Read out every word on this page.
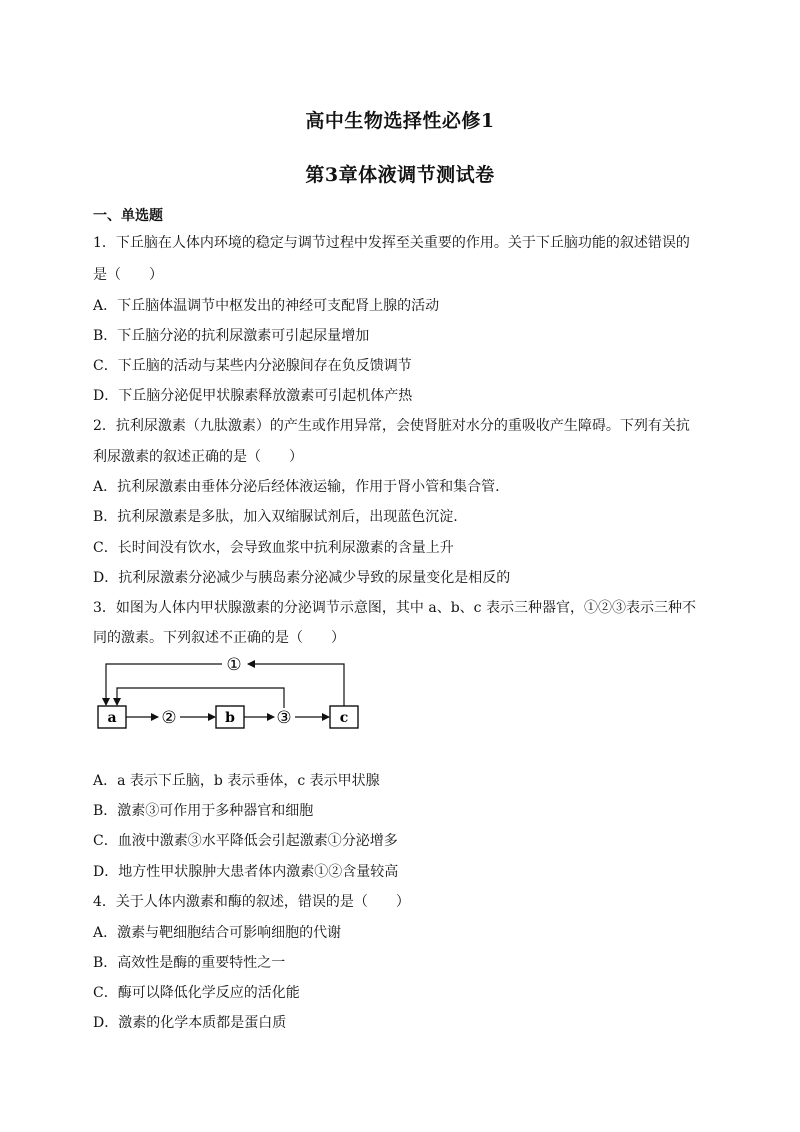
高中生物选择性必修1
第3章体液调节测试卷
一、单选题
1．下丘脑在人体内环境的稳定与调节过程中发挥至关重要的作用。关于下丘脑功能的叙述错误的
是（　　）
A．下丘脑体温调节中枢发出的神经可支配肾上腺的活动
B．下丘脑分泌的抗利尿激素可引起尿量增加
C．下丘脑的活动与某些内分泌腺间存在负反馈调节
D．下丘脑分泌促甲状腺素释放激素可引起机体产热
2．抗利尿激素（九肽激素）的产生或作用异常，会使肾脏对水分的重吸收产生障碍。下列有关抗
利尿激素的叙述正确的是（　　）
A．抗利尿激素由垂体分泌后经体液运输，作用于肾小管和集合管.
B．抗利尿激素是多肽，加入双缩脲试剂后，出现蓝色沉淀.
C．长时间没有饮水，会导致血浆中抗利尿激素的含量上升
D．抗利尿激素分泌减少与胰岛素分泌减少导致的尿量变化是相反的
3．如图为人体内甲状腺激素的分泌调节示意图，其中 a、b、c 表示三种器官，①②③表示三种不
同的激素。下列叙述不正确的是（　　）
a	b	c
②	③
①
A．a 表示下丘脑，b 表示垂体，c 表示甲状腺
B．激素③可作用于多种器官和细胞
C．血液中激素③水平降低会引起激素①分泌增多
D．地方性甲状腺肿大患者体内激素①②含量较高
4．关于人体内激素和酶的叙述，错误的是（　　）
A．激素与靶细胞结合可影响细胞的代谢
B．高效性是酶的重要特性之一
C．酶可以降低化学反应的活化能
D．激素的化学本质都是蛋白质
